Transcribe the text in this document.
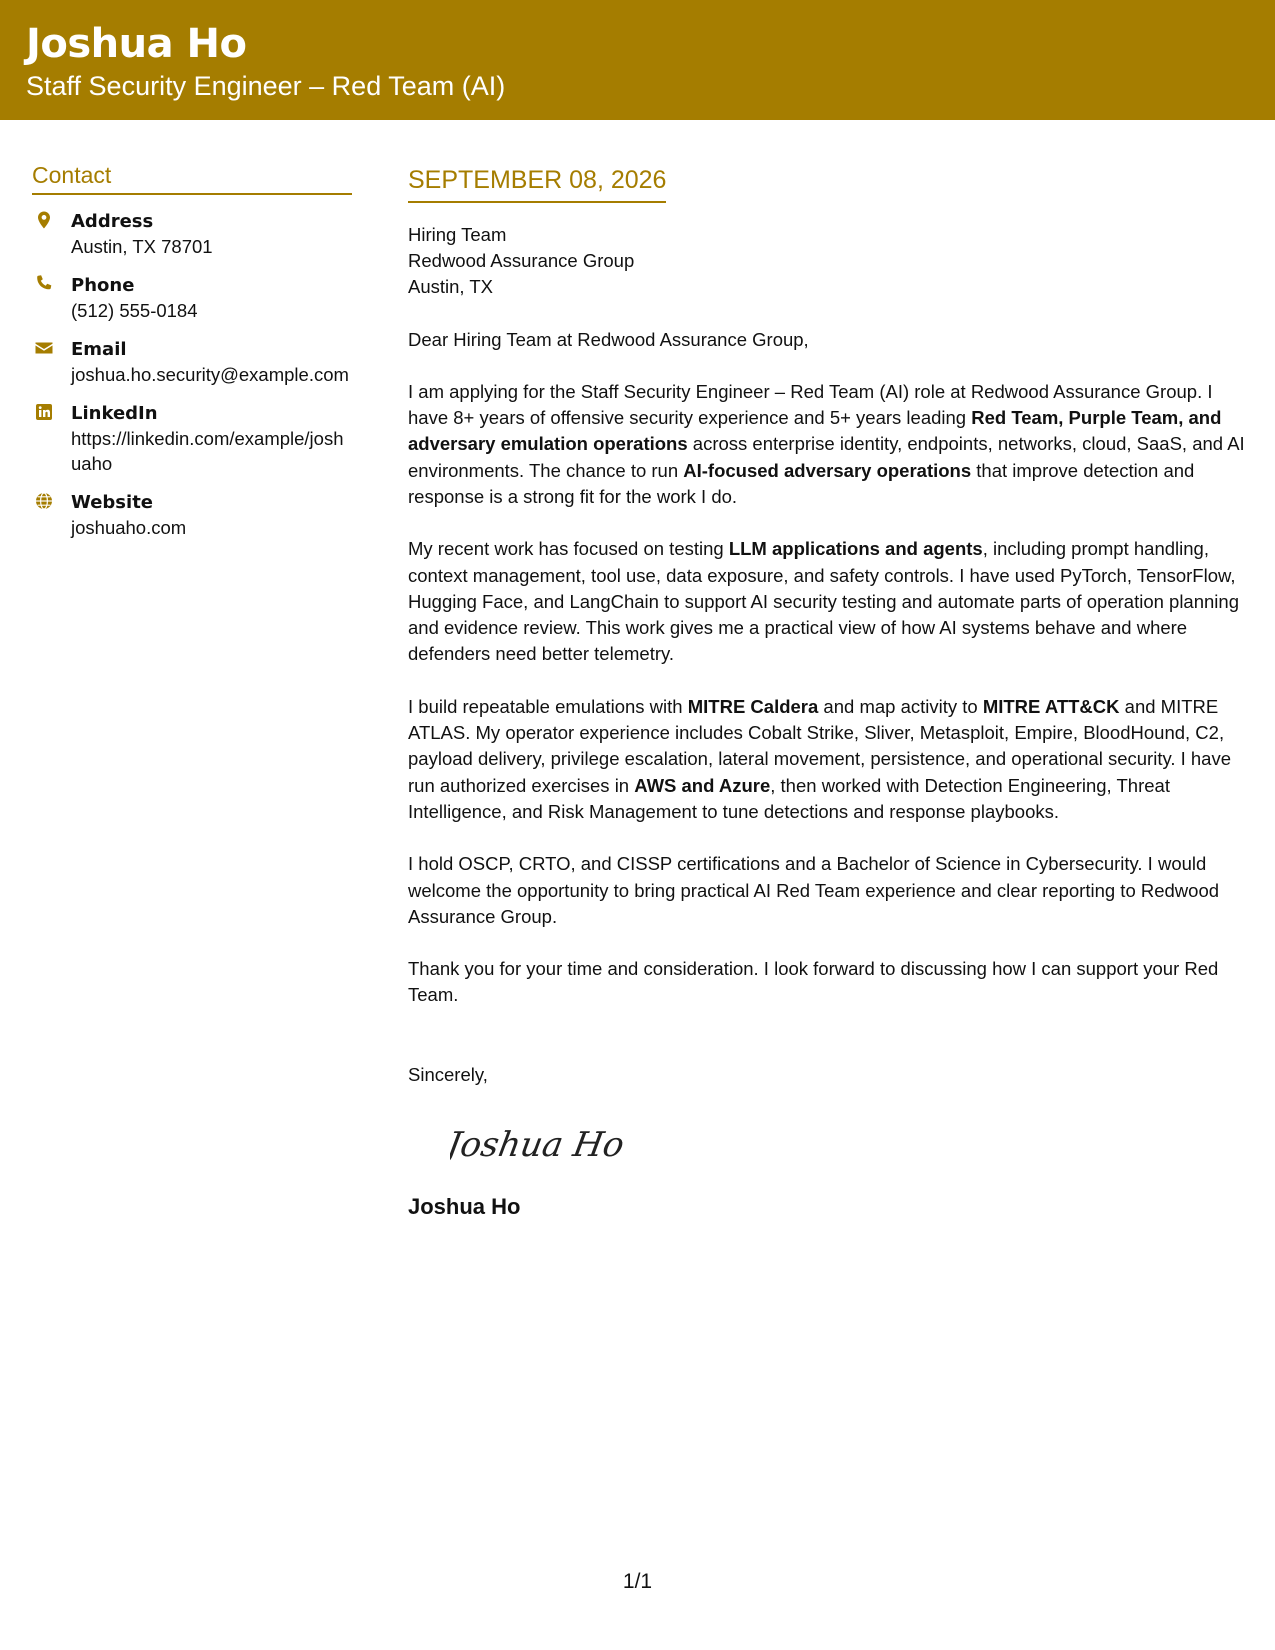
Joshua Ho
Staff Security Engineer – Red Team (AI)
Contact
Address
Austin, TX 78701
Phone
(512) 555-0184
Email
joshua.ho.security@example.com
LinkedIn
https://linkedin.com/example/joshuaho
Website
joshuaho.com
SEPTEMBER 08, 2026
Hiring Team
Redwood Assurance Group
Austin, TX
Dear Hiring Team at Redwood Assurance Group,

I am applying for the Staff Security Engineer – Red Team (AI) role at Redwood Assurance Group. I have 8+ years of offensive security experience and 5+ years leading Red Team, Purple Team, and adversary emulation operations across enterprise identity, endpoints, networks, cloud, SaaS, and AI environments. The chance to run AI-focused adversary operations that improve detection and response is a strong fit for the work I do.

My recent work has focused on testing LLM applications and agents, including prompt handling, context management, tool use, data exposure, and safety controls. I have used PyTorch, TensorFlow, Hugging Face, and LangChain to support AI security testing and automate parts of operation planning and evidence review. This work gives me a practical view of how AI systems behave and where defenders need better telemetry.

I build repeatable emulations with MITRE Caldera and map activity to MITRE ATT&CK and MITRE ATLAS. My operator experience includes Cobalt Strike, Sliver, Metasploit, Empire, BloodHound, C2, payload delivery, privilege escalation, lateral movement, persistence, and operational security. I have run authorized exercises in AWS and Azure, then worked with Detection Engineering, Threat Intelligence, and Risk Management to tune detections and response playbooks.

I hold OSCP, CRTO, and CISSP certifications and a Bachelor of Science in Cybersecurity. I would welcome the opportunity to bring practical AI Red Team experience and clear reporting to Redwood Assurance Group.

Thank you for your time and consideration. I look forward to discussing how I can support your Red Team.

Sincerely,
Joshua Ho
Joshua Ho
1/1
